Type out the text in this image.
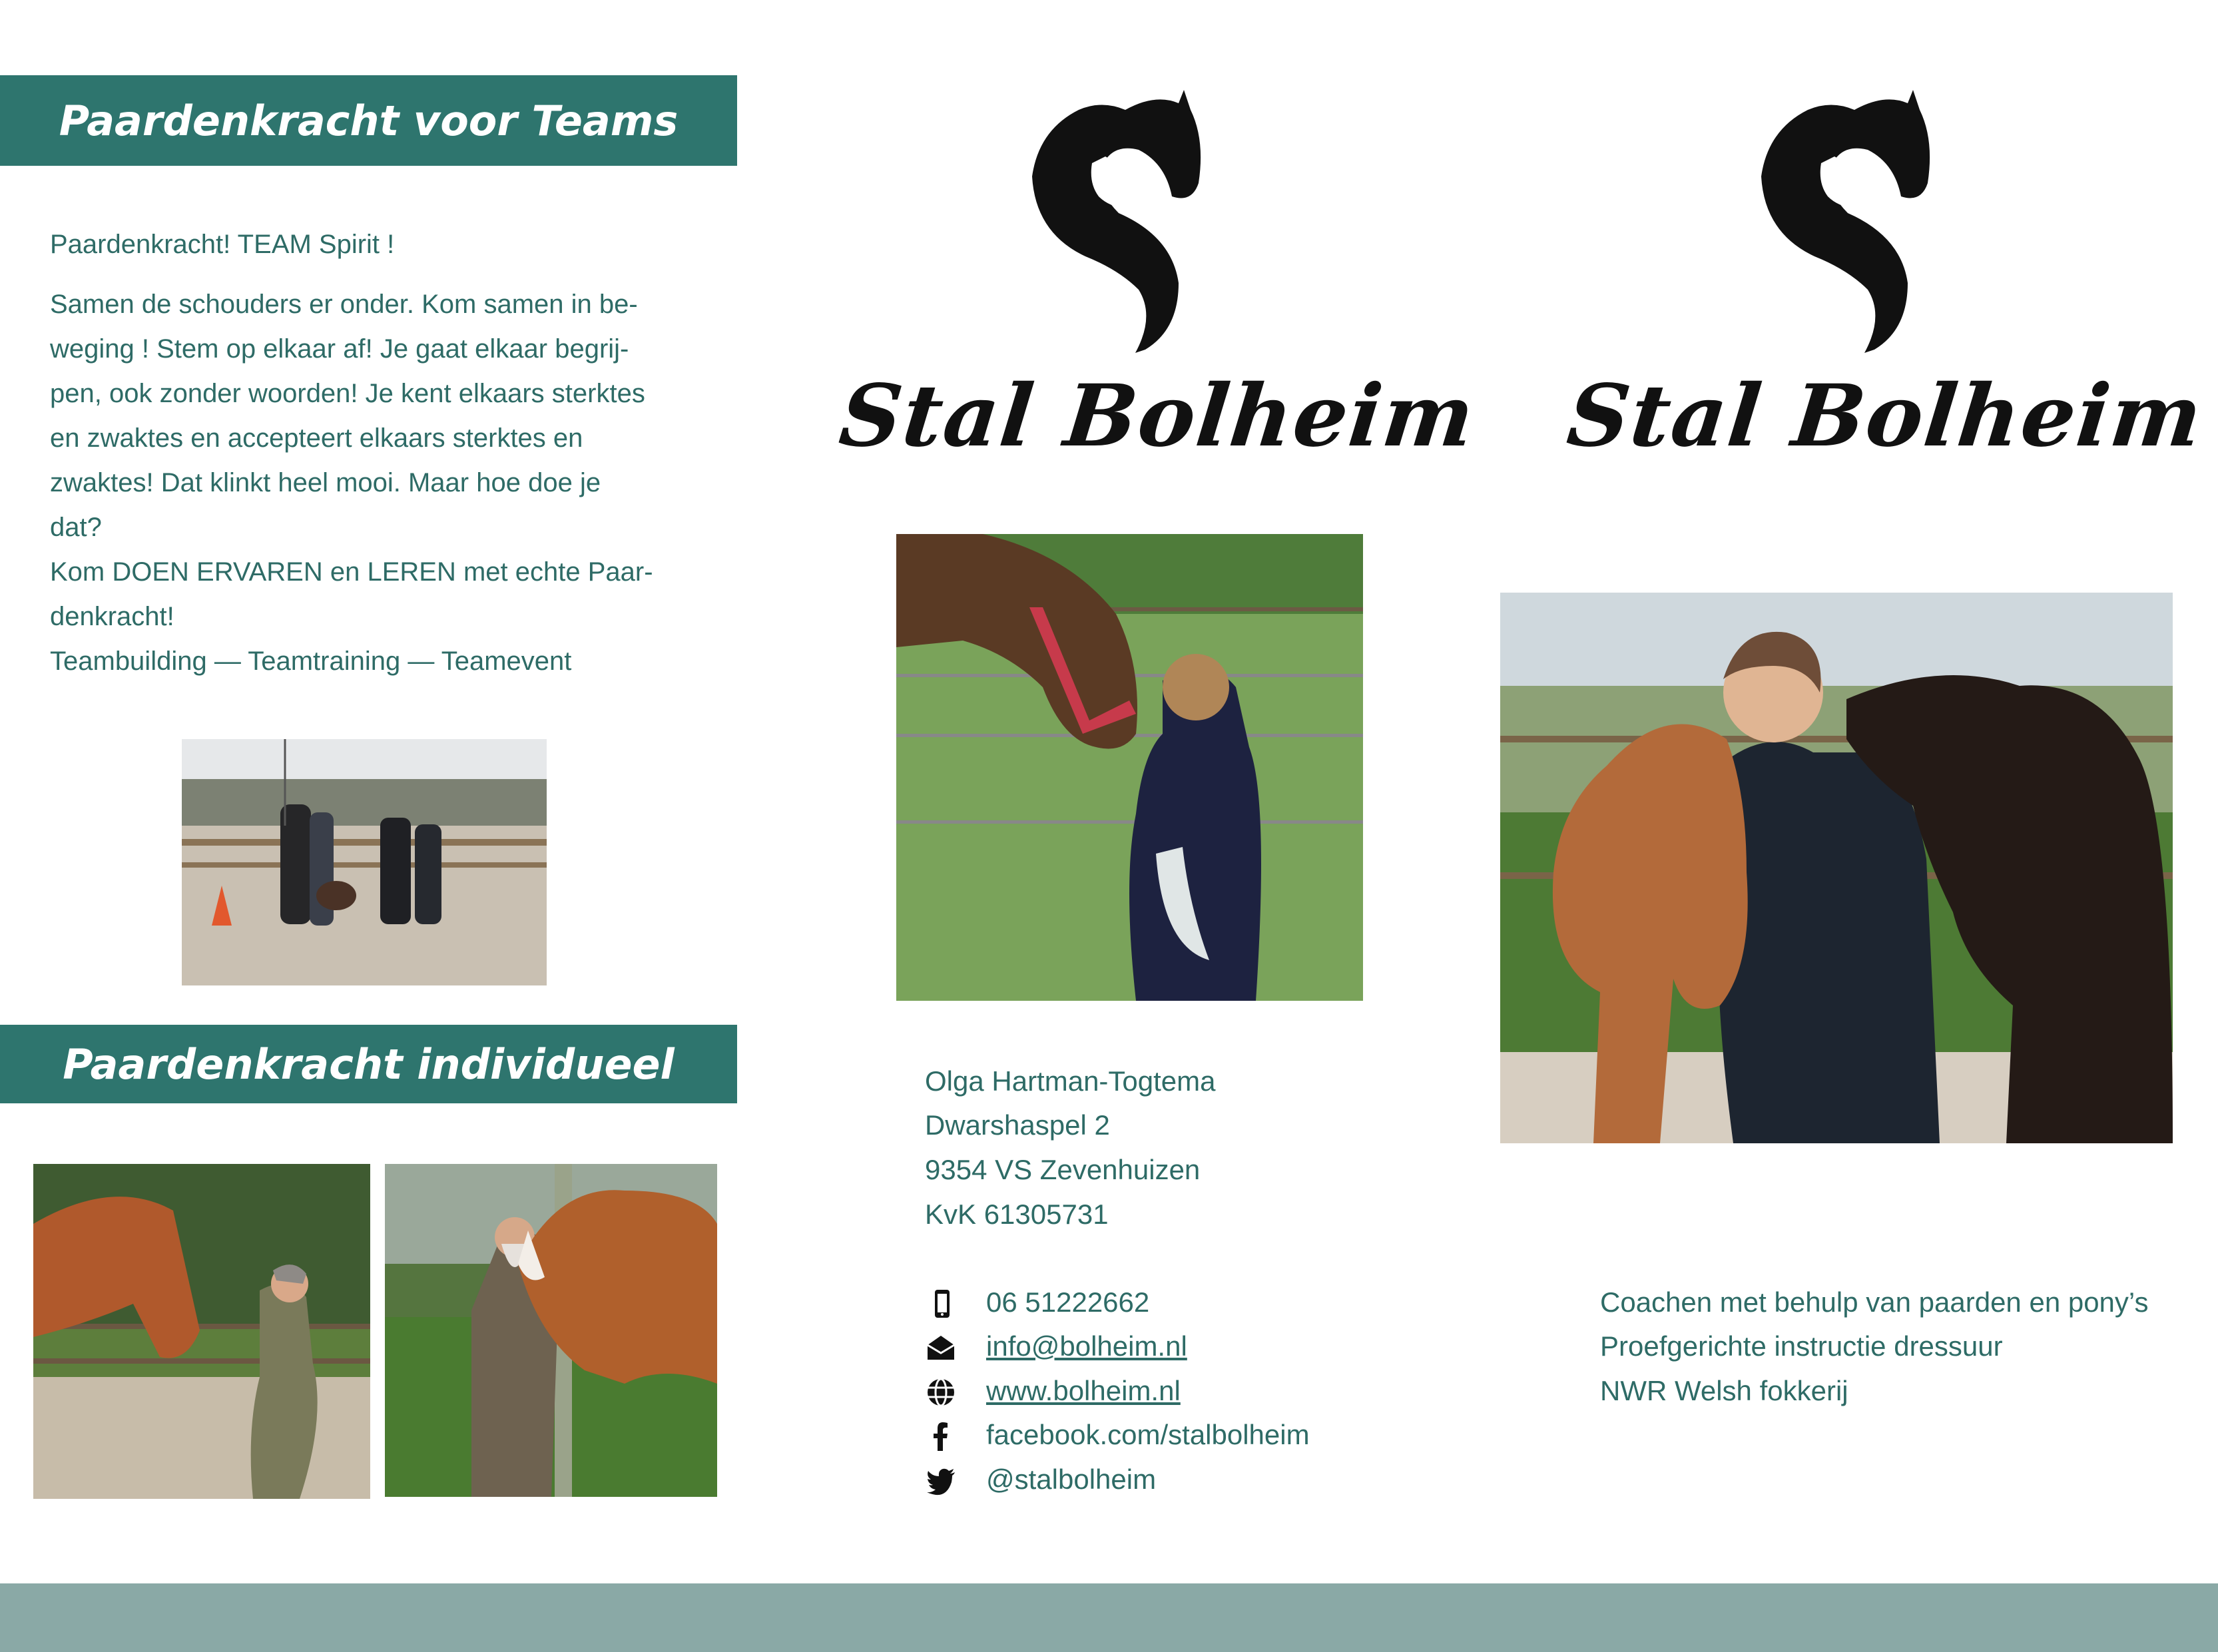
Paardenkracht voor Teams
Paardenkracht! TEAM Spirit !
Samen de schouders er onder. Kom samen in be-
weging ! Stem op elkaar af! Je gaat elkaar begrij-
pen, ook zonder woorden! Je kent elkaars sterktes
en zwaktes en accepteert elkaars sterktes en
zwaktes! Dat klinkt heel mooi. Maar hoe doe je
dat?
Kom DOEN ERVAREN en LEREN met echte Paar-
denkracht!
Teambuilding — Teamtraining — Teamevent
Paardenkracht individueel
Stal Bolheim
Olga Hartman-Togtema
Dwarshaspel 2
9354 VS Zevenhuizen
KvK 61305731
06 51222662
info@bolheim.nl
www.bolheim.nl
facebook.com/stalbolheim
@stalbolheim
Stal Bolheim
Coachen met behulp van paarden en pony’s
Proefgerichte instructie dressuur
NWR Welsh fokkerij
